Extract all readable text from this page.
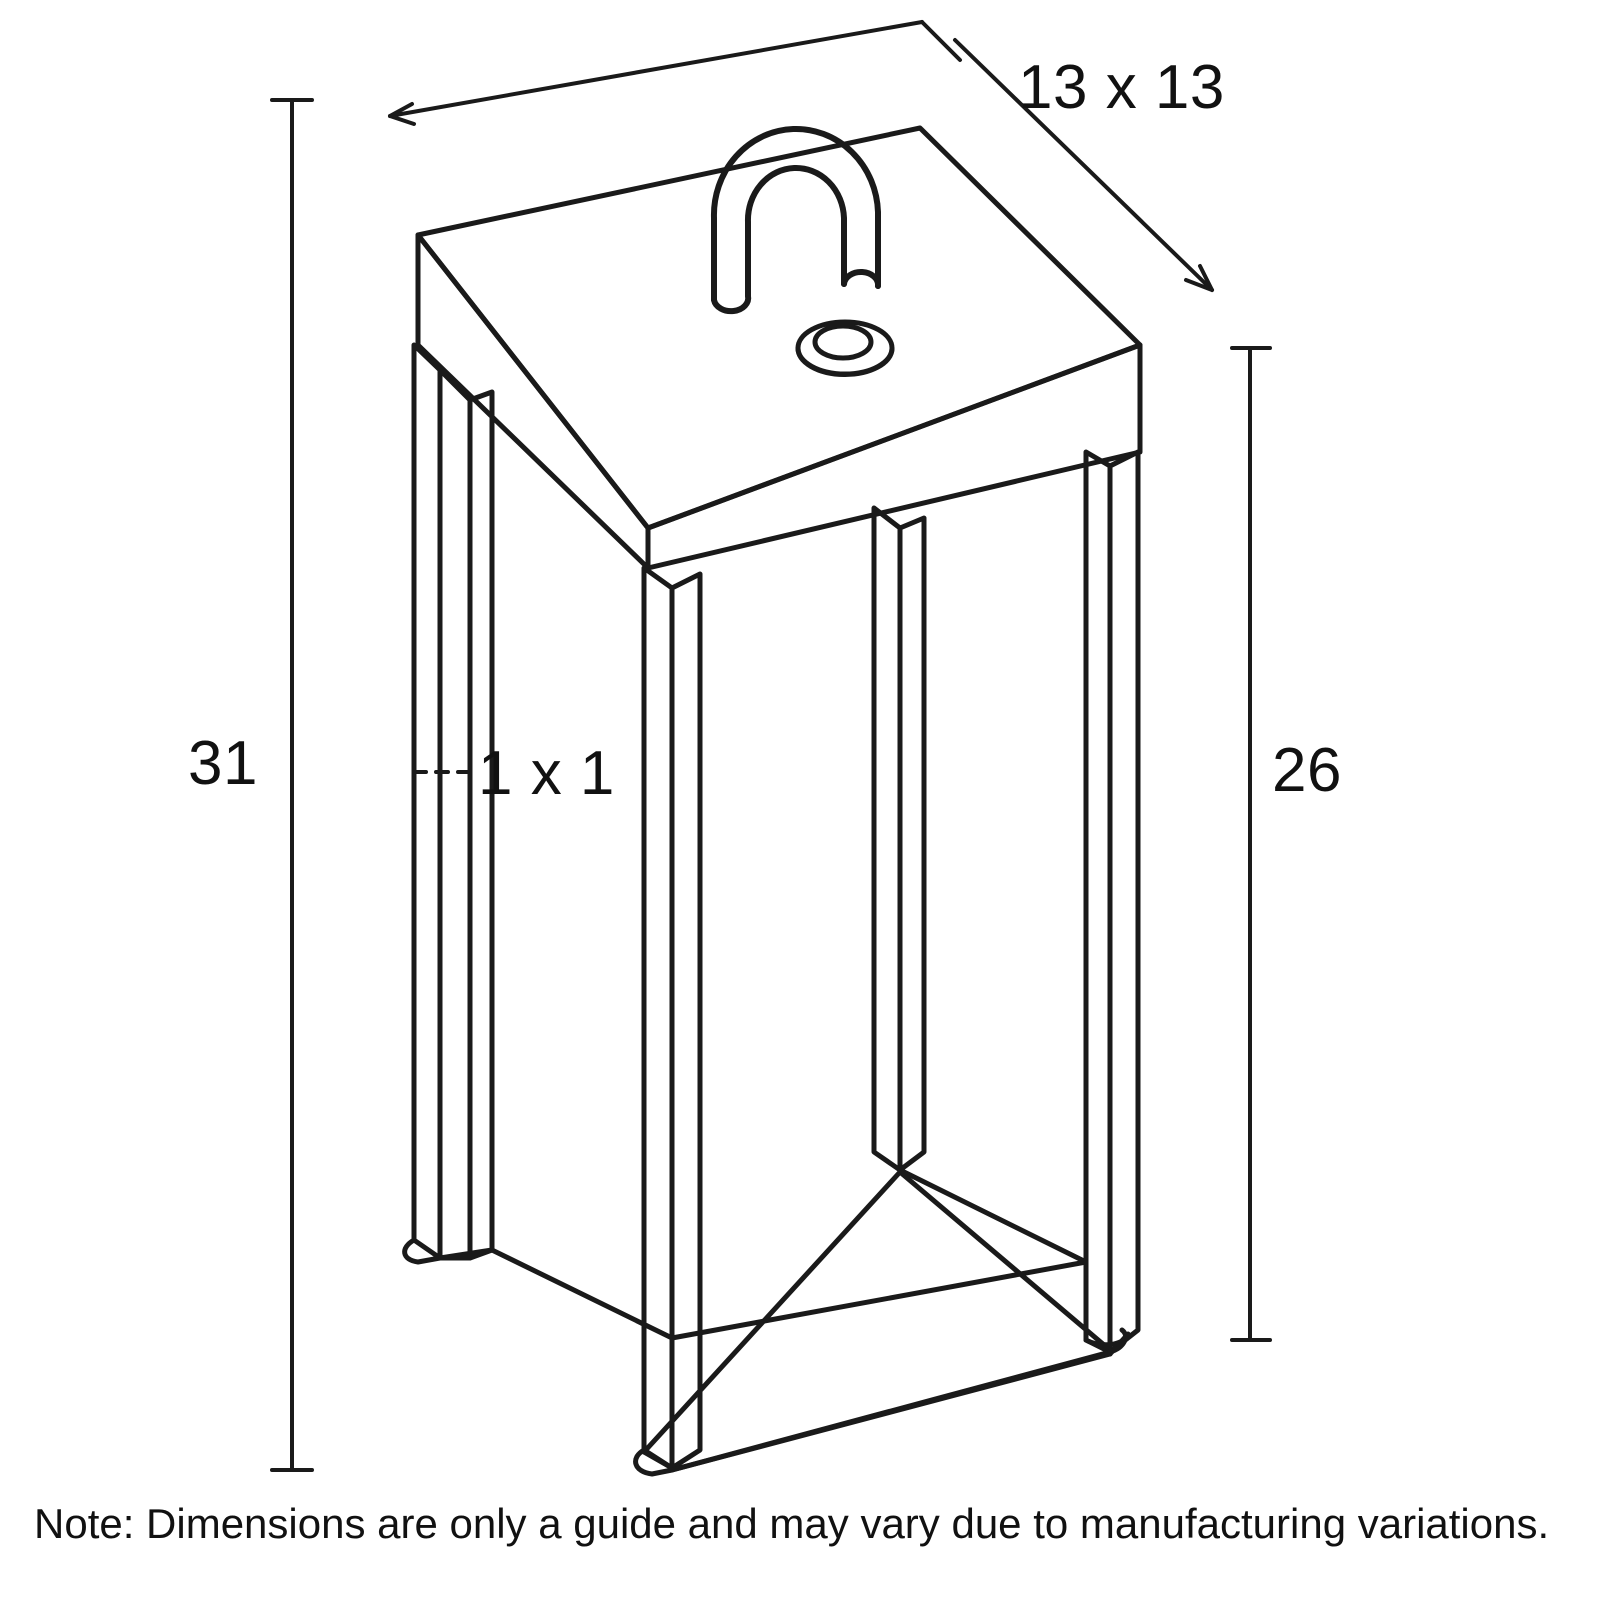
13 x 13
31	26
1 x 1
Note: Dimensions are only a guide and may vary due to manufacturing variations.
